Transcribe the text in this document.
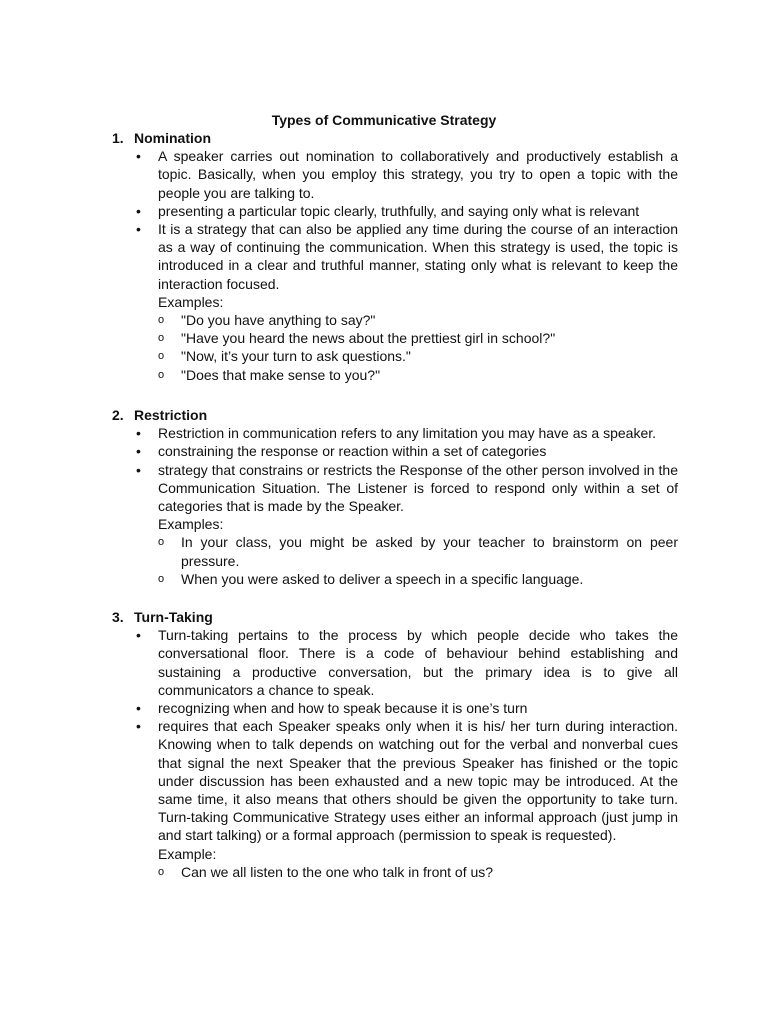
Types of Communicative Strategy
1. Nomination
•	A speaker carries out nomination to collaboratively and productively establish a topic. Basically, when you employ this strategy, you try to open a topic with the people you are talking to.
•	presenting a particular topic clearly, truthfully, and saying only what is relevant
•	It is a strategy that can also be applied any time during the course of an interaction as a way of continuing the communication. When this strategy is used, the topic is introduced in a clear and truthful manner, stating only what is relevant to keep the interaction focused.
Examples:
o	"Do you have anything to say?"
o	"Have you heard the news about the prettiest girl in school?"
o	"Now, it’s your turn to ask questions."
o	"Does that make sense to you?"
2. Restriction
•	Restriction in communication refers to any limitation you may have as a speaker.
•	constraining the response or reaction within a set of categories
•	strategy that constrains or restricts the Response of the other person involved in the Communication Situation. The Listener is forced to respond only within a set of categories that is made by the Speaker.
Examples:
o	In your class, you might be asked by your teacher to brainstorm on peer pressure.
o	When you were asked to deliver a speech in a specific language.
3. Turn-Taking
•	Turn-taking pertains to the process by which people decide who takes the conversational floor. There is a code of behaviour behind establishing and sustaining a productive conversation, but the primary idea is to give all communicators a chance to speak.
•	recognizing when and how to speak because it is one’s turn
•	requires that each Speaker speaks only when it is his/ her turn during interaction. Knowing when to talk depends on watching out for the verbal and nonverbal cues that signal the next Speaker that the previous Speaker has finished or the topic under discussion has been exhausted and a new topic may be introduced. At the same time, it also means that others should be given the opportunity to take turn. Turn-taking Communicative Strategy uses either an informal approach (just jump in and start talking) or a formal approach (permission to speak is requested).
Example:
o	Can we all listen to the one who talk in front of us?
